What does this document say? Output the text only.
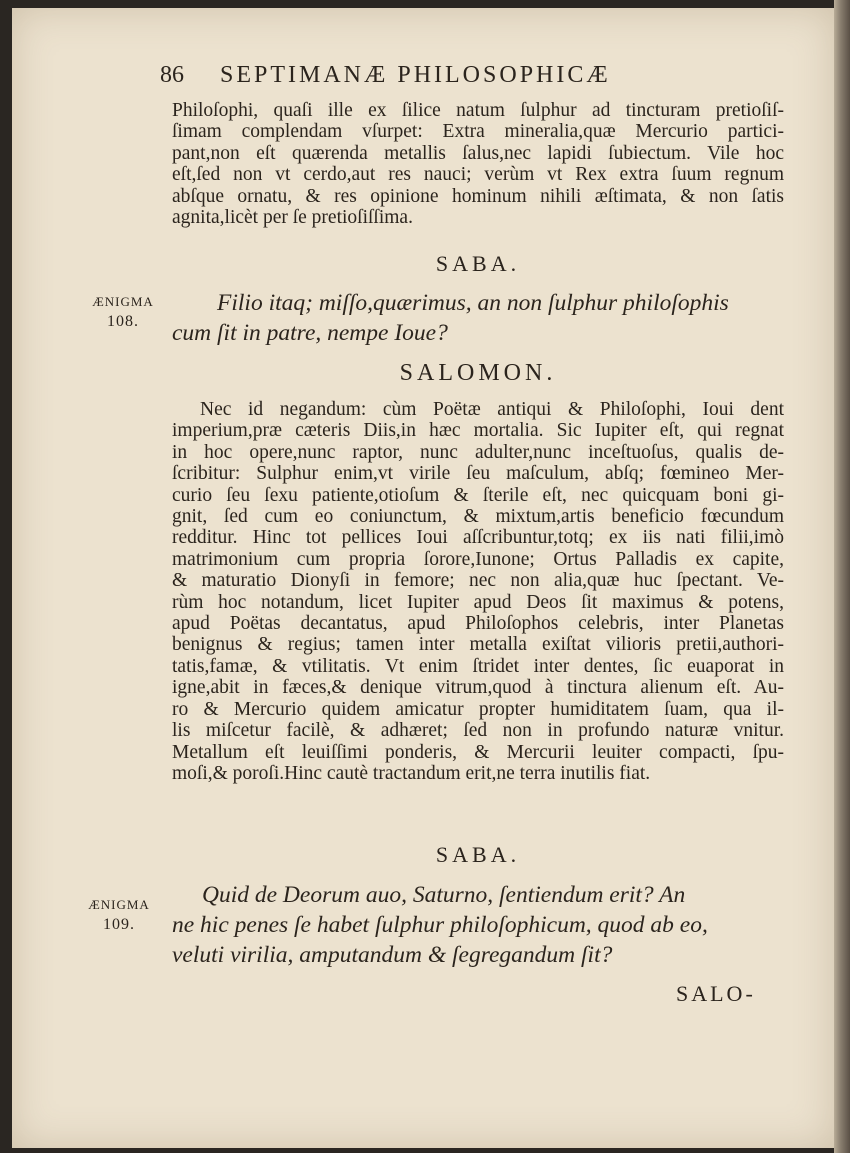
86 SEPTIMANÆ PHILOSOPHICÆ
Philoſophi, quaſi ille ex ſilice natum ſulphur ad tincturam pretioſiſ-
ſimam complendam vſurpet: Extra mineralia,quæ Mercurio partici-
pant,non eſt quærenda metallis ſalus,nec lapidi ſubiectum. Vile hoc
eſt,ſed non vt cerdo,aut res nauci; verùm vt Rex extra ſuum regnum
abſque ornatu, & res opinione hominum nihili æſtimata, & non ſatis
agnita,licèt per ſe pretioſiſſima.
SABA.
ÆNIGMA
108.
Filio itaq; miſſo,quærimus, an non ſulphur philoſophis
cum ſit in patre, nempe Ioue?
SALOMON.
Nec id negandum: cùm Poëtæ antiqui & Philoſophi, Ioui dent
imperium,præ cæteris Diis,in hæc mortalia. Sic Iupiter eſt, qui regnat
in hoc opere,nunc raptor, nunc adulter,nunc inceſtuoſus, qualis de-
ſcribitur: Sulphur enim,vt virile ſeu maſculum, abſq; fœmineo Mer-
curio ſeu ſexu patiente,otioſum & ſterile eſt, nec quicquam boni gi-
gnit, ſed cum eo coniunctum, & mixtum,artis beneficio fœcundum
redditur. Hinc tot pellices Ioui aſſcribuntur,totq; ex iis nati filii,imò
matrimonium cum propria ſorore,Iunone; Ortus Palladis ex capite,
& maturatio Dionyſi in femore; nec non alia,quæ huc ſpectant. Ve-
rùm hoc notandum, licet Iupiter apud Deos ſit maximus & potens,
apud Poëtas decantatus, apud Philoſophos celebris, inter Planetas
benignus & regius; tamen inter metalla exiſtat vilioris pretii,authori-
tatis,famæ, & vtilitatis. Vt enim ſtridet inter dentes, ſic euaporat in
igne,abit in fæces,& denique vitrum,quod à tinctura alienum eſt. Au-
ro & Mercurio quidem amicatur propter humiditatem ſuam, qua il-
lis miſcetur facilè, & adhæret; ſed non in profundo naturæ vnitur.
Metallum eſt leuiſſimi ponderis, & Mercurii leuiter compacti, ſpu-
moſi,& poroſi.Hinc cautè tractandum erit,ne terra inutilis fiat.
SABA.
ÆNIGMA
109.
Quid de Deorum auo, Saturno, ſentiendum erit? An
ne hic penes ſe habet ſulphur philoſophicum, quod ab eo,
veluti virilia, amputandum & ſegregandum ſit?
SALO-
